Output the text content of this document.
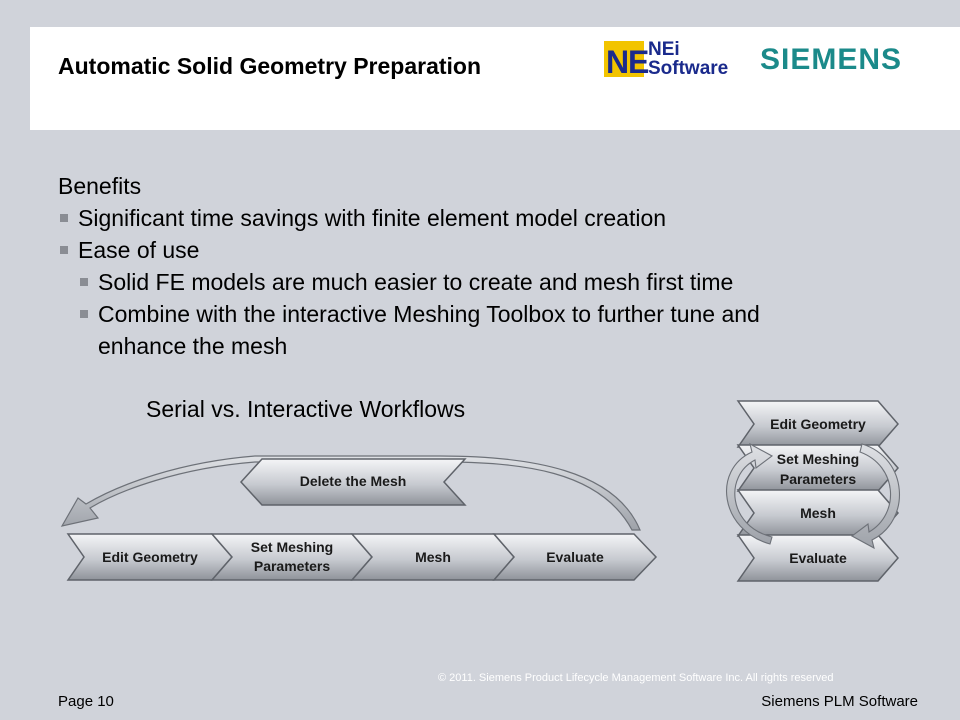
Automatic Solid Geometry Preparation	N
E
NEi
Software SIEMENS
Benefits
Significant time savings with finite element model creation
Ease of use
Solid FE models are much easier to create and mesh first time
Combine with the interactive Meshing Toolbox to further tune and
enhance the mesh
Serial vs. Interactive Workflows
Delete the Mesh
Edit Geometry
Set Meshing
Parameters
Mesh	Evaluate
Edit Geometry
Set Meshing
Parameters
Mesh
Evaluate
© 2011. Siemens Product Lifecycle Management Software Inc. All rights reserved
Page 10	Siemens PLM Software
